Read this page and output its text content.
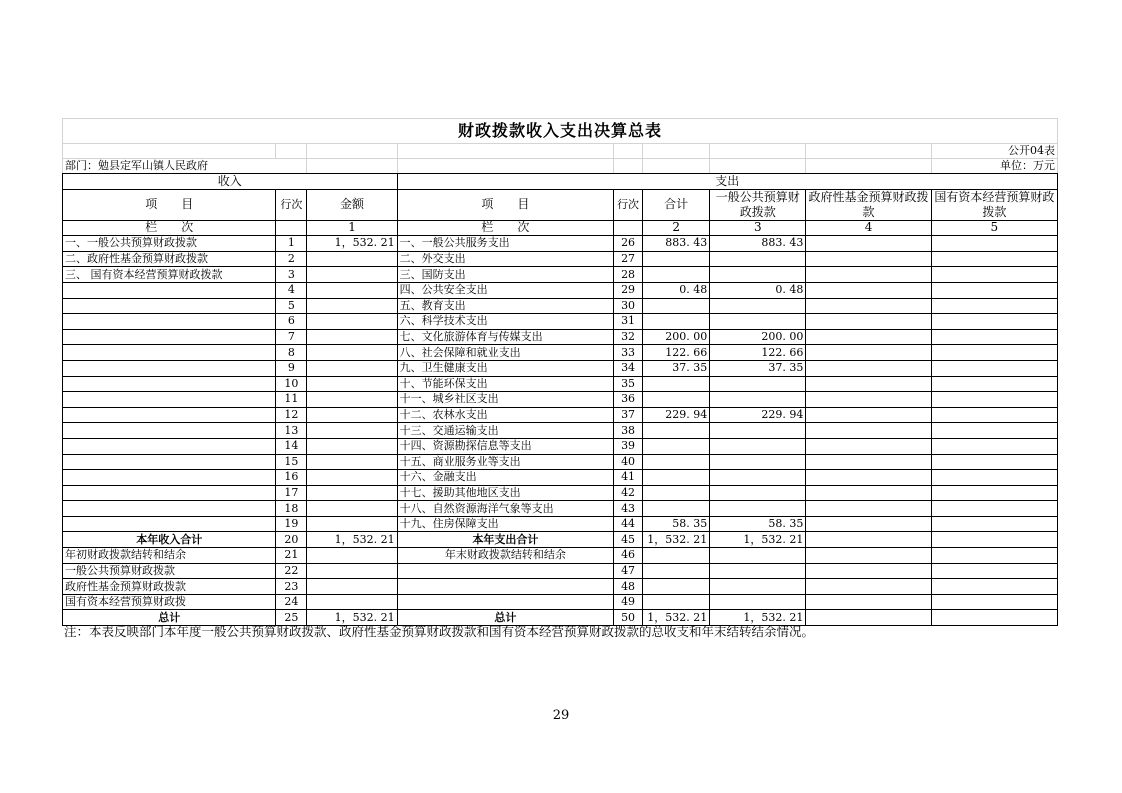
财政拨款收入支出决算总表								
								公开04表
部门：勉县定军山镇人民政府								单位：万元
收入			支出					
项　　目	行次	金额	项　　目	行次	合计	一般公共预算财政拨款	政府性基金预算财政拨款	国有资本经营预算财政拨款
栏　　次		1	栏　　次		2	3	4	5
一、一般公共预算财政拨款	1	1，532. 21	一、一般公共服务支出	26	883. 43	883. 43		
二、政府性基金预算财政拨款	2		二、外交支出	27				
三、 国有资本经营预算财政拨款	3		三、国防支出	28				
	4		四、公共安全支出	29	0. 48	0. 48		
	5		五、教育支出	30				
	6		六、科学技术支出	31				
	7		七、文化旅游体育与传媒支出	32	200. 00	200. 00		
	8		八、社会保障和就业支出	33	122. 66	122. 66		
	9		九、卫生健康支出	34	37. 35	37. 35		
	10		十、节能环保支出	35				
	11		十一、城乡社区支出	36				
	12		十二、农林水支出	37	229. 94	229. 94		
	13		十三、交通运输支出	38				
	14		十四、资源勘探信息等支出	39				
	15		十五、商业服务业等支出	40				
	16		十六、金融支出	41				
	17		十七、援助其他地区支出	42				
	18		十八、自然资源海洋气象等支出	43				
	19		十九、住房保障支出	44	58. 35	58. 35		
本年收入合计	20	1，532. 21	本年支出合计	45	1，532. 21	1，532. 21		
年初财政拨款结转和结余	21		年末财政拨款结转和结余	46				
一般公共预算财政拨款	22			47				
政府性基金预算财政拨款	23			48				
国有资本经营预算财政拨	24			49				
总计	25	1，532. 21	总计	50	1，532. 21	1，532. 21		
注：本表反映部门本年度一般公共预算财政拨款、政府性基金预算财政拨款和国有资本经营预算财政拨款的总收支和年末结转结余情况。
29
